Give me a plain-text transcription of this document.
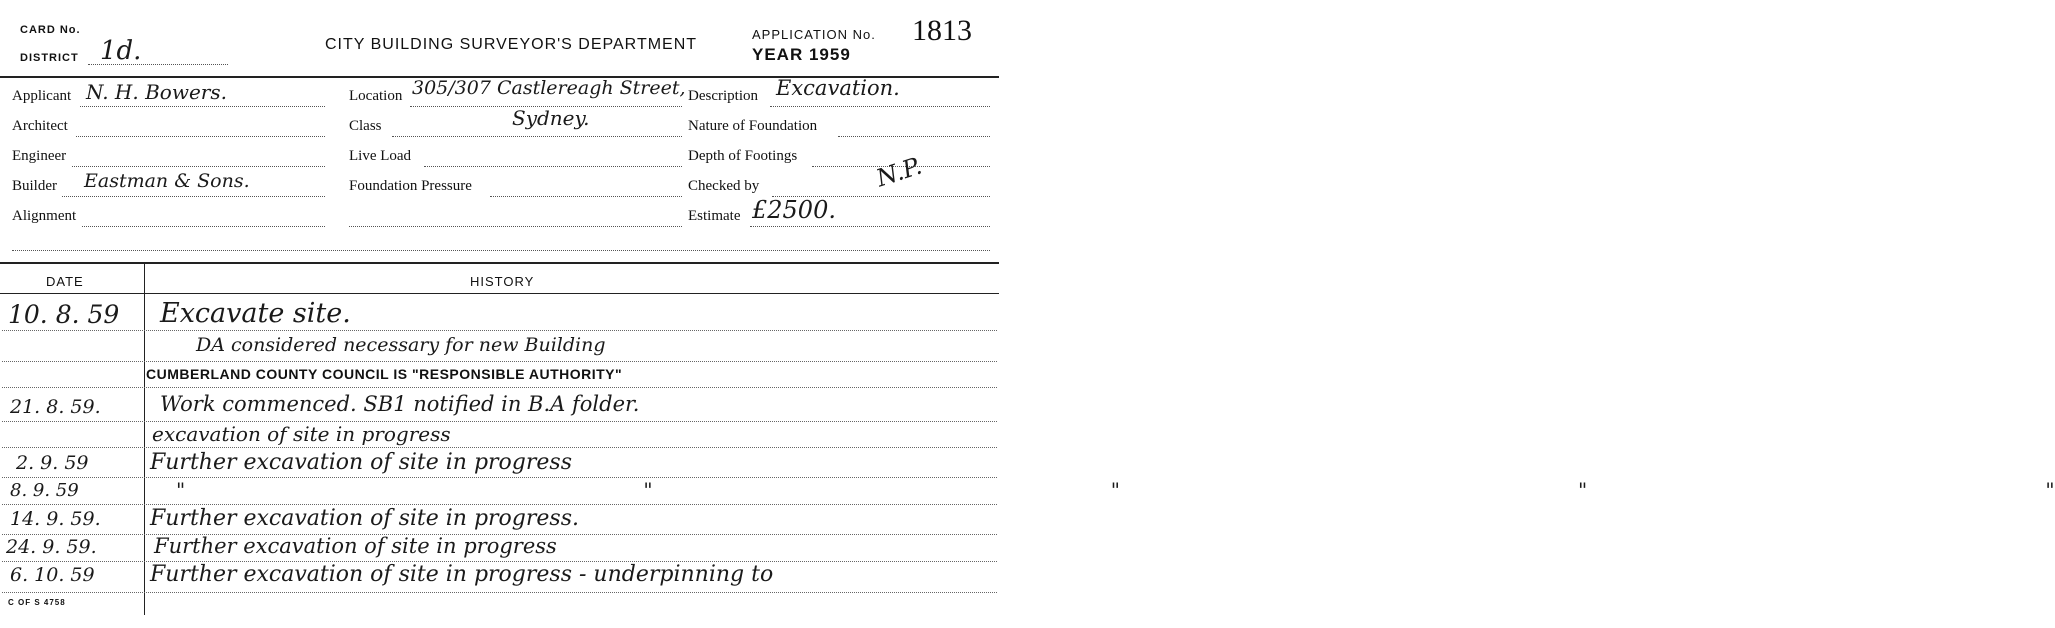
CARD No.
DISTRICT 1d.	CITY BUILDING SURVEYOR'S DEPARTMENT
APPLICATION No. 1813
YEAR 1959
Applicant N. H. Bowers.
Architect
Engineer
Builder Eastman & Sons.
Alignment
Location 305/307 Castlereagh Street,
Class	Sydney.
Live Load
Foundation Pressure
Description Excavation.
Nature of Foundation
Depth of Footings
Checked by	N.P.
Estimate £2500.
DATE	HISTORY
10. 8. 59 Excavate site.
DA considered necessary for new Building
CUMBERLAND COUNTY COUNCIL IS "RESPONSIBLE AUTHORITY"
21. 8. 59.	Work commenced. SB1 notified in B.A folder.
excavation of site in progress
2. 9. 59	Further excavation of site in progress
8. 9. 59	"      "      "      "      "
14. 9. 59. Further excavation of site in progress.
24. 9. 59.	Further excavation of site in progress
6. 10. 59	Further excavation of site in progress - underpinning to
C OF S 4758
